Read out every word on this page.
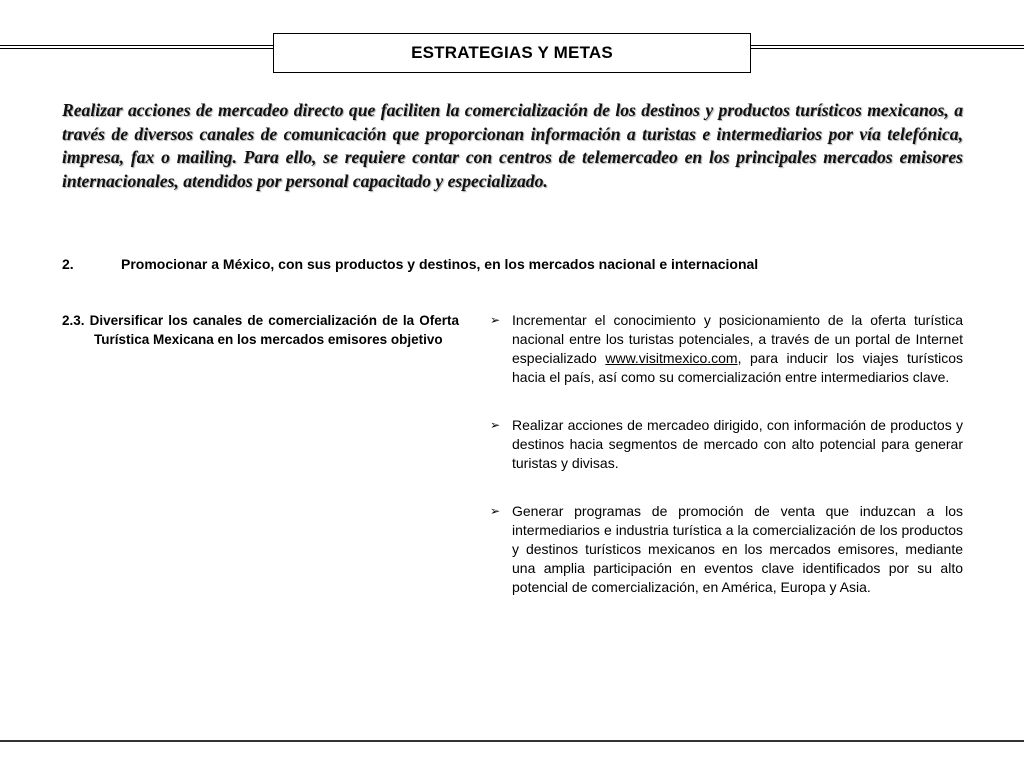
ESTRATEGIAS Y METAS

Realizar acciones de mercadeo directo que faciliten la comercialización de los destinos y productos turísticos mexicanos, a través de diversos canales de comunicación que proporcionan información a turistas e intermediarios por vía telefónica, impresa, fax o mailing. Para ello, se requiere contar con centros de telemercadeo en los principales mercados emisores internacionales, atendidos por personal capacitado y especializado.

2.	Promocionar a México, con sus productos y destinos, en los mercados nacional e internacional

2.3. Diversificar los canales de comercialización de la Oferta Turística Mexicana en los mercados emisores objetivo

➢ Incrementar el conocimiento y posicionamiento de la oferta turística nacional entre los turistas potenciales, a través de un portal de Internet especializado www.visitmexico.com, para inducir los viajes turísticos hacia el país, así como su comercialización entre intermediarios clave.
➢ Realizar acciones de mercadeo dirigido, con información de productos y destinos hacia segmentos de mercado con alto potencial para generar turistas y divisas.
➢ Generar programas de promoción de venta que induzcan a los intermediarios e industria turística a la comercialización de los productos y destinos turísticos mexicanos en los mercados emisores, mediante una amplia participación en eventos clave identificados por su alto potencial de comercialización, en América, Europa y Asia.
